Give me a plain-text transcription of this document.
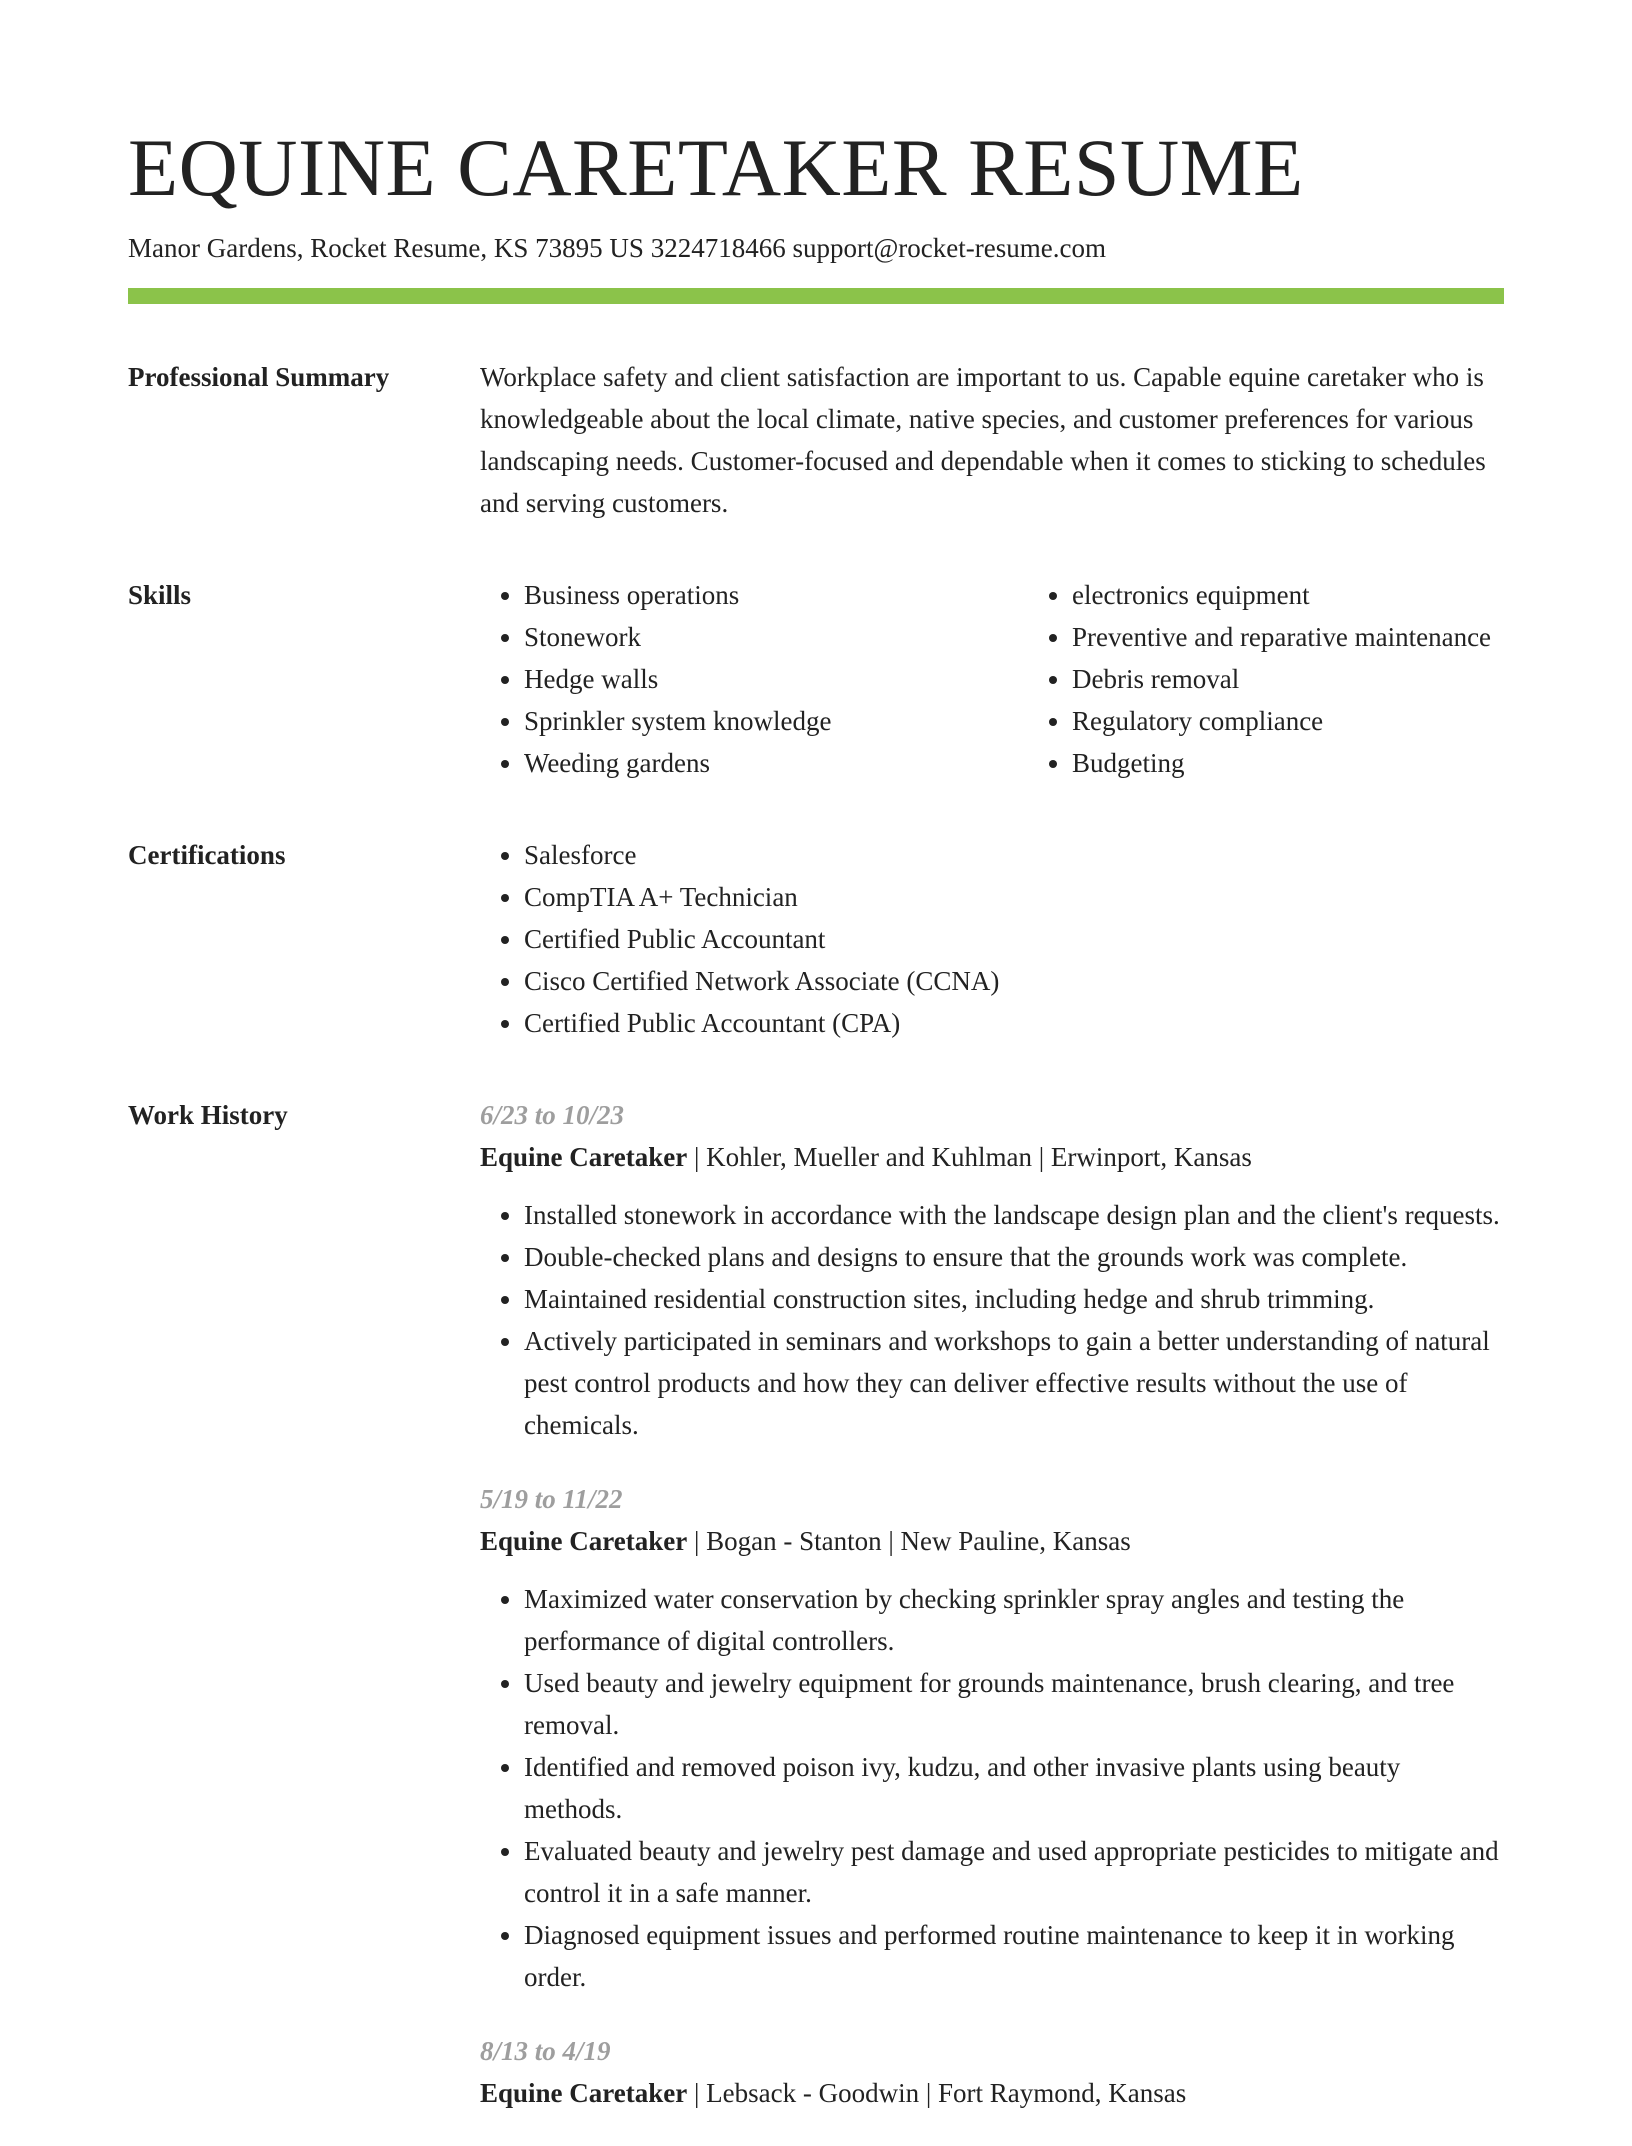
EQUINE CARETAKER RESUME
Manor Gardens, Rocket Resume, KS 73895 US 3224718466 support@rocket-resume.com
Professional Summary	Workplace safety and client satisfaction are important to us. Capable equine caretaker who is knowledgeable about the local climate, native species, and customer preferences for various landscaping needs. Customer-focused and dependable when it comes to sticking to schedules and serving customers.

Skills	• Business operations
• Stonework
• Hedge walls
• Sprinkler system knowledge
• Weeding gardens
• electronics equipment
• Preventive and reparative maintenance
• Debris removal
• Regulatory compliance
• Budgeting
Certifications	• Salesforce
• CompTIA A+ Technician
• Certified Public Accountant
• Cisco Certified Network Associate (CCNA)
• Certified Public Accountant (CPA)
Work History	6/23 to 10/23
Equine Caretaker | Kohler, Mueller and Kuhlman | Erwinport, Kansas
• Installed stonework in accordance with the landscape design plan and the client's requests.
• Double-checked plans and designs to ensure that the grounds work was complete.
• Maintained residential construction sites, including hedge and shrub trimming.
• Actively participated in seminars and workshops to gain a better understanding of natural pest control products and how they can deliver effective results without the use of chemicals.
5/19 to 11/22
Equine Caretaker | Bogan - Stanton | New Pauline, Kansas
• Maximized water conservation by checking sprinkler spray angles and testing the performance of digital controllers.
• Used beauty and jewelry equipment for grounds maintenance, brush clearing, and tree removal.
• Identified and removed poison ivy, kudzu, and other invasive plants using beauty methods.
• Evaluated beauty and jewelry pest damage and used appropriate pesticides to mitigate and control it in a safe manner.
• Diagnosed equipment issues and performed routine maintenance to keep it in working order.
8/13 to 4/19
Equine Caretaker | Lebsack - Goodwin | Fort Raymond, Kansas
